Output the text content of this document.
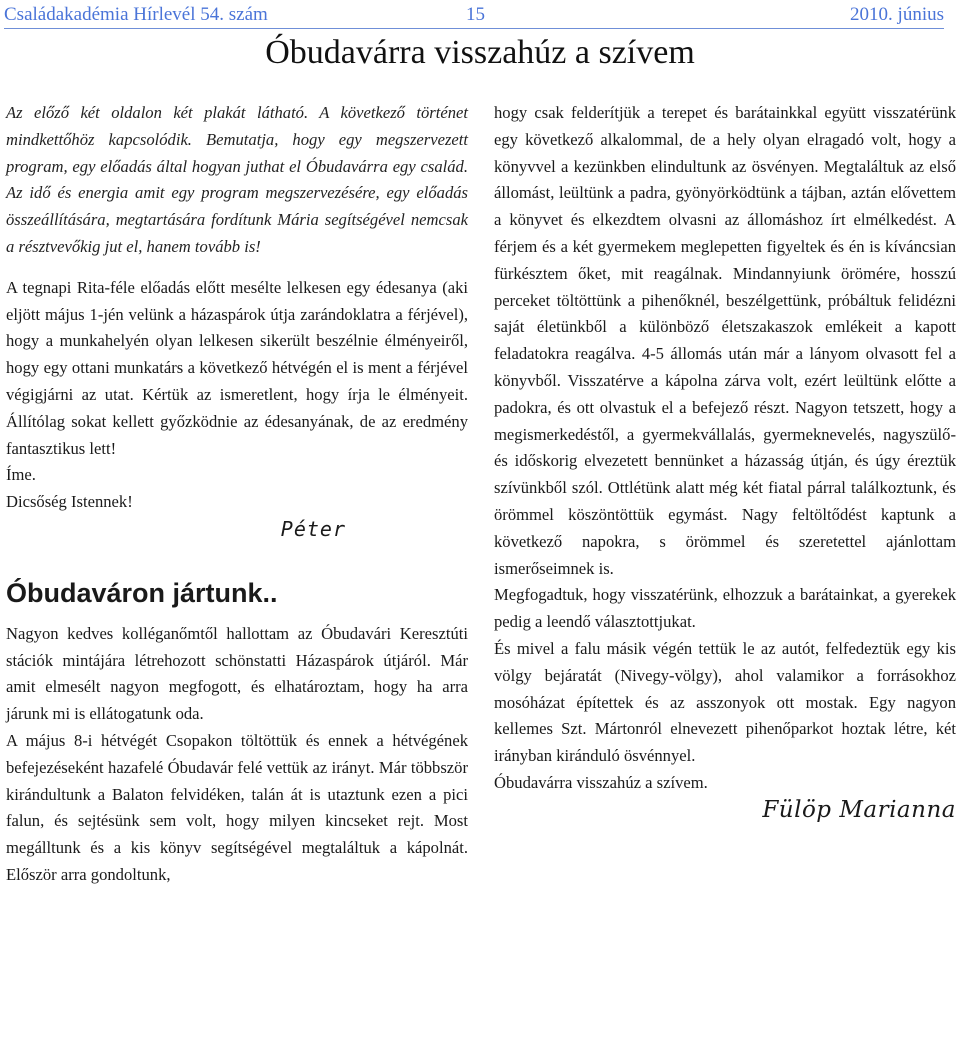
Családakadémia Hírlevél 54. szám	15	2010. június
Óbudavárra visszahúz a szívem

Az előző két oldalon két plakát látható. A következő történet mindkettőhöz kapcsolódik. Bemutatja, hogy egy megszervezett program, egy előadás által hogyan juthat el Óbudavárra egy család. Az idő és energia amit egy program megszervezésére, egy előadás összeállítására, megtartására fordítunk Mária segítségével nemcsak a résztvevőkig jut el, hanem tovább is!

A tegnapi Rita-féle előadás előtt mesélte lelkesen egy édesanya (aki eljött május 1-jén velünk a házaspárok útja zarándoklatra a férjével), hogy a munkahelyén olyan lelkesen sikerült beszélnie élményeiről, hogy egy ottani munkatárs a következő hétvégén el is ment a férjével végigjárni az utat. Kértük az ismeretlent, hogy írja le élményeit. Állítólag sokat kellett győzködnie az édesanyának, de az eredmény fantasztikus lett!

Íme.

Dicsőség Istennek!

Péter

Óbudaváron jártunk..

Nagyon kedves kolléganőmtől hallottam az Óbudavári Keresztúti stációk mintájára létrehozott schönstatti Házaspárok útjáról. Már amit elmesélt nagyon megfogott, és elhatároztam, hogy ha arra járunk mi is ellátogatunk oda.

A május 8-i hétvégét Csopakon töltöttük és ennek a hétvégének befejezéseként hazafelé Óbudavár felé vettük az irányt. Már többször kirándultunk a Balaton felvidéken, talán át is utaztunk ezen a pici falun, és sejtésünk sem volt, hogy milyen kincseket rejt. Most megálltunk és a kis könyv segítségével megtaláltuk a kápolnát. Először arra gondoltunk,

hogy csak felderítjük a terepet és barátainkkal együtt visszatérünk egy következő alkalommal, de a hely olyan elragadó volt, hogy a könyvvel a kezünkben elindultunk az ösvényen. Megtaláltuk az első állomást, leültünk a padra, gyönyörködtünk a tájban, aztán elővettem a könyvet és elkezdtem olvasni az állomáshoz írt elmélkedést. A férjem és a két gyermekem meglepetten figyeltek és én is kíváncsian fürkésztem őket, mit reagálnak. Mindannyiunk örömére, hosszú perceket töltöttünk a pihenőknél, beszélgettünk, próbáltuk felidézni saját életünkből a különböző életszakaszok emlékeit a kapott feladatokra reagálva. 4-5 állomás után már a lányom olvasott fel a könyvből. Visszatérve a kápolna zárva volt, ezért leültünk előtte a padokra, és ott olvastuk el a befejező részt. Nagyon tetszett, hogy a megismerkedéstől, a gyermekvállalás, gyermeknevelés, nagyszülő- és időskorig elvezetett bennünket a házasság útján, és úgy éreztük szívünkből szól. Ottlétünk alatt még két fiatal párral találkoztunk, és örömmel köszöntöttük egymást. Nagy feltöltődést kaptunk a következő napokra, s örömmel és szeretettel ajánlottam ismerőseimnek is.

Megfogadtuk, hogy visszatérünk, elhozzuk a barátainkat, a gyerekek pedig a leendő választottjukat.

És mivel a falu másik végén tettük le az autót, felfedeztük egy kis völgy bejáratát (Nivegy-völgy), ahol valamikor a forrásokhoz mosóházat építettek és az asszonyok ott mostak. Egy nagyon kellemes Szt. Mártonról elnevezett pihenőparkot hoztak létre, két irányban kiránduló ösvénnyel.

Óbudavárra visszahúz a szívem.

Fülöp Marianna
